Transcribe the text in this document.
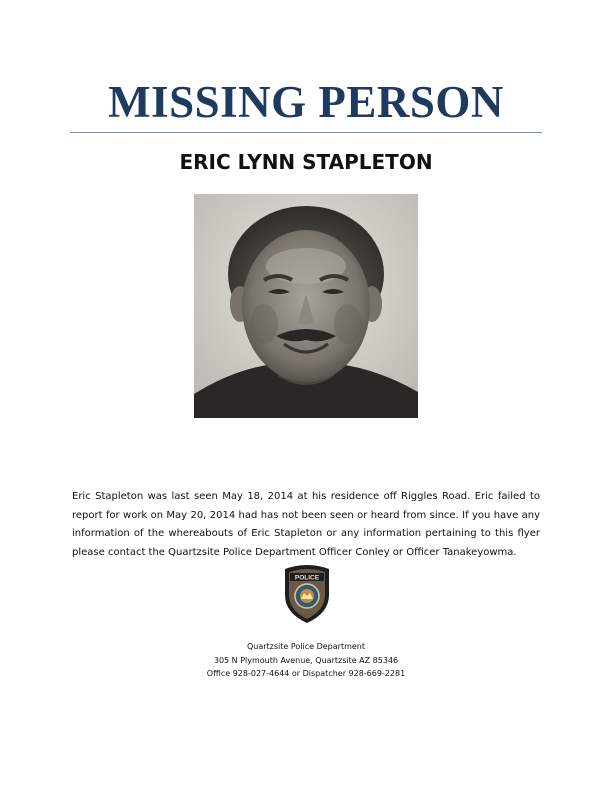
MISSING PERSON
ERIC LYNN STAPLETON
Eric Stapleton was last seen May 18, 2014 at his residence off Riggles Road. Eric failed to report for work on May 20, 2014 had has not been seen or heard from since. If you have any information of the whereabouts of Eric Stapleton or any information pertaining to this flyer please contact the Quartzsite Police Department Officer Conley or Officer Tanakeyowma.
POLICE
Quartzsite Police Department
305 N Plymouth Avenue, Quartzsite AZ 85346
Office 928-027-4644 or Dispatcher 928-669-2281
